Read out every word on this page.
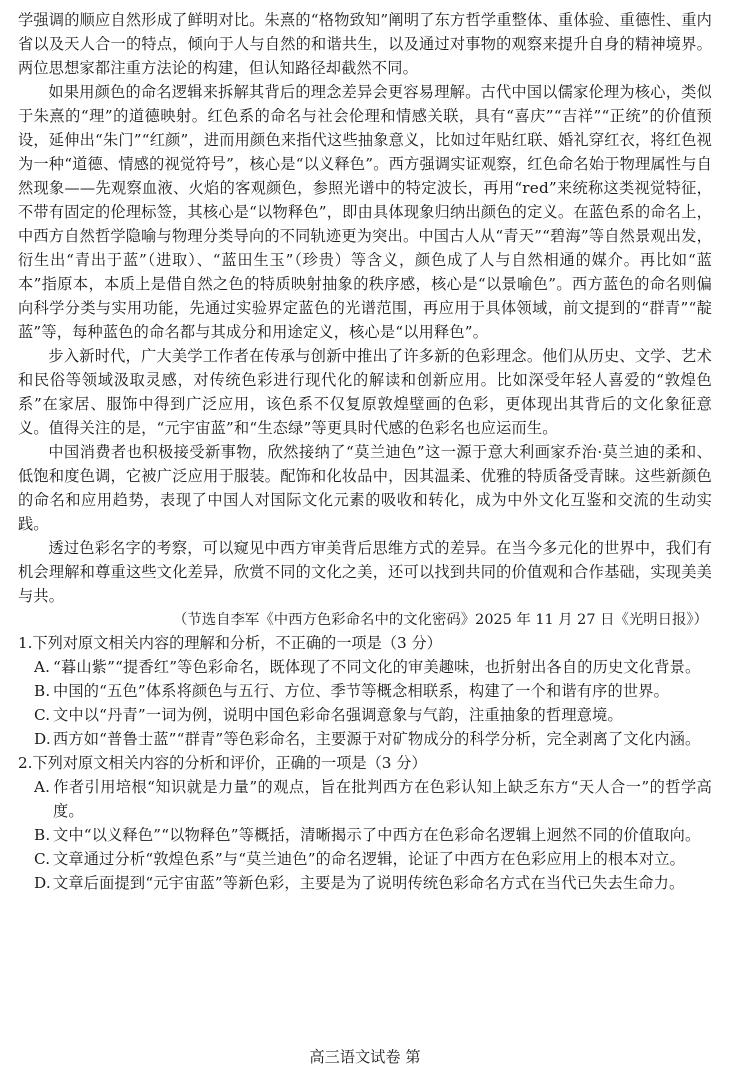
学强调的顺应自然形成了鲜明对比。朱熹的“格物致知”阐明了东方哲学重整体、重体验、重德性、重内省以及天人合一的特点，倾向于人与自然的和谐共生，以及通过对事物的观察来提升自身的精神境界。两位思想家都注重方法论的构建，但认知路径却截然不同。

如果用颜色的命名逻辑来拆解其背后的理念差异会更容易理解。古代中国以儒家伦理为核心，类似于朱熹的“理”的道德映射。红色系的命名与社会伦理和情感关联，具有“喜庆”“吉祥”“正统”的价值预设，延伸出“朱门”“红颜”，进而用颜色来指代这些抽象意义，比如过年贴红联、婚礼穿红衣，将红色视为一种“道德、情感的视觉符号”，核心是“以义释色”。西方强调实证观察，红色命名始于物理属性与自然现象——先观察血液、火焰的客观颜色，参照光谱中的特定波长，再用“red”来统称这类视觉特征，不带有固定的伦理标签，其核心是“以物释色”，即由具体现象归纳出颜色的定义。在蓝色系的命名上，中西方自然哲学隐喻与物理分类导向的不同轨迹更为突出。中国古人从“青天”“碧海”等自然景观出发，衍生出“青出于蓝”（进取）、“蓝田生玉”（珍贵）等含义，颜色成了人与自然相通的媒介。再比如“蓝本”指原本，本质上是借自然之色的特质映射抽象的秩序感，核心是“以景喻色”。西方蓝色的命名则偏向科学分类与实用功能，先通过实验界定蓝色的光谱范围，再应用于具体领域，前文提到的“群青”“靛蓝”等，每种蓝色的命名都与其成分和用途定义，核心是“以用释色”。

步入新时代，广大美学工作者在传承与创新中推出了许多新的色彩理念。他们从历史、文学、艺术和民俗等领域汲取灵感，对传统色彩进行现代化的解读和创新应用。比如深受年轻人喜爱的“敦煌色系”在家居、服饰中得到广泛应用，该色系不仅复原敦煌壁画的色彩，更体现出其背后的文化象征意义。值得关注的是，“元宇宙蓝”和“生态绿”等更具时代感的色彩名也应运而生。

中国消费者也积极接受新事物，欣然接纳了“莫兰迪色”这一源于意大利画家乔治·莫兰迪的柔和、低饱和度色调，它被广泛应用于服装。配饰和化妆品中，因其温柔、优雅的特质备受青睐。这些新颜色的命名和应用趋势，表现了中国人对国际文化元素的吸收和转化，成为中外文化互鉴和交流的生动实践。

透过色彩名字的考察，可以窥见中西方审美背后思维方式的差异。在当今多元化的世界中，我们有机会理解和尊重这些文化差异，欣赏不同的文化之美，还可以找到共同的价值观和合作基础，实现美美与共。

（节选自李军《中西方色彩命名中的文化密码》2025 年 11 月 27 日《光明日报》）

1.下列对原文相关内容的理解和分析，不正确的一项是（3 分）

A. “暮山紫”“提香红”等色彩命名，既体现了不同文化的审美趣味，也折射出各自的历史文化背景。

B. 中国的“五色”体系将颜色与五行、方位、季节等概念相联系，构建了一个和谐有序的世界。

C. 文中以“丹青”一词为例，说明中国色彩命名强调意象与气韵，注重抽象的哲理意境。

D. 西方如“普鲁士蓝”“群青”等色彩命名，主要源于对矿物成分的科学分析，完全剥离了文化内涵。

2.下列对原文相关内容的分析和评价，正确的一项是（3 分）

A. 作者引用培根“知识就是力量”的观点，旨在批判西方在色彩认知上缺乏东方“天人合一”的哲学高度。

B. 文中“以义释色”“以物释色”等概括，清晰揭示了中西方在色彩命名逻辑上迥然不同的价值取向。

C. 文章通过分析“敦煌色系”与“莫兰迪色”的命名逻辑，论证了中西方在色彩应用上的根本对立。

D. 文章后面提到“元宇宙蓝”等新色彩，主要是为了说明传统色彩命名方式在当代已失去生命力。

高三语文试卷 第
